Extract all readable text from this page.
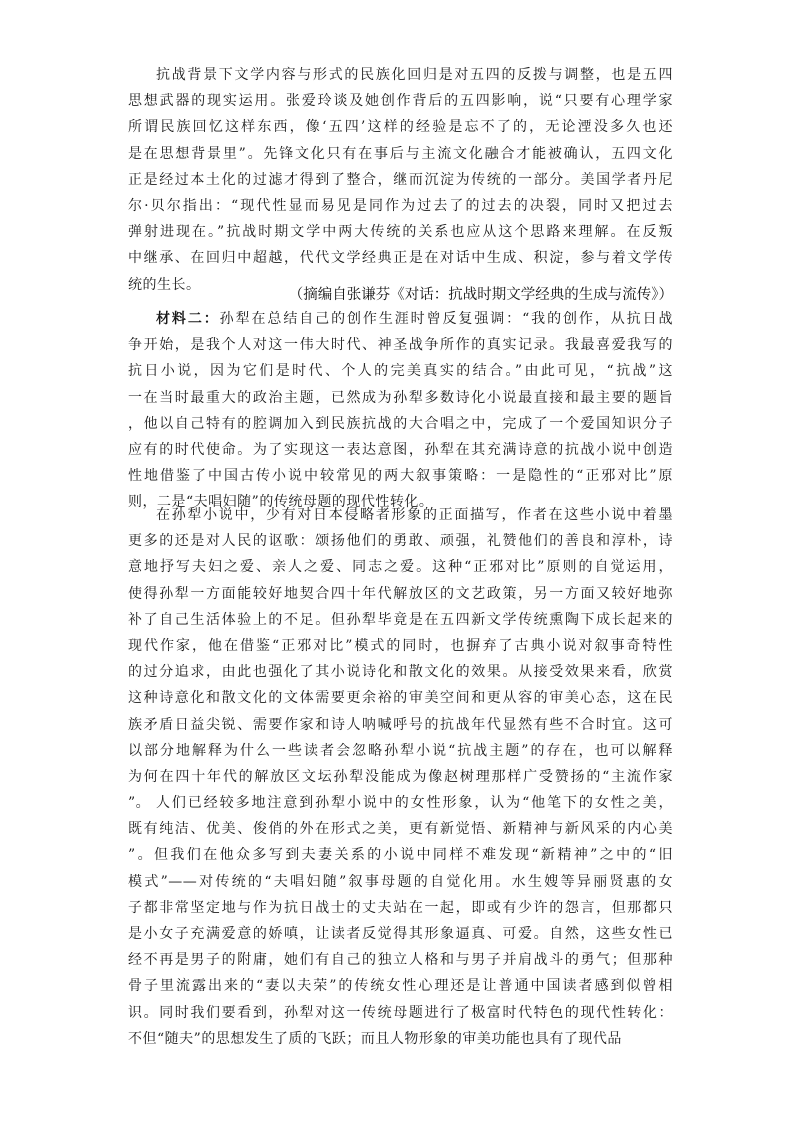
抗战背景下文学内容与形式的民族化回归是对五四的反拨与调整，也是五四
思想武器的现实运用。张爱玲谈及她创作背后的五四影响，说“只要有心理学家
所谓民族回忆这样东西，像‘五四’这样的经验是忘不了的，无论湮没多久也还
是在思想背景里”。先锋文化只有在事后与主流文化融合才能被确认，五四文化
正是经过本土化的过滤才得到了整合，继而沉淀为传统的一部分。美国学者丹尼
尔·贝尔指出：“现代性显而易见是同作为过去了的过去的决裂，同时又把过去
弹射进现在。”抗战时期文学中两大传统的关系也应从这个思路来理解。在反叛
中继承、在回归中超越，代代文学经典正是在对话中生成、积淀，参与着文学传
统的生长。
（摘编自张谦芬《对话：抗战时期文学经典的生成与流传》）
材料二：孙犁在总结自己的创作生涯时曾反复强调：“我的创作，从抗日战
争开始，是我个人对这一伟大时代、神圣战争所作的真实记录。我最喜爱我写的
抗日小说，因为它们是时代、个人的完美真实的结合。”由此可见，“抗战”这
一在当时最重大的政治主题，已然成为孙犁多数诗化小说最直接和最主要的题旨
，他以自己特有的腔调加入到民族抗战的大合唱之中，完成了一个爱国知识分子
应有的时代使命。为了实现这一表达意图，孙犁在其充满诗意的抗战小说中创造
性地借鉴了中国古传小说中较常见的两大叙事策略：一是隐性的“正邪对比”原
则，二是“夫唱妇随”的传统母题的现代性转化。
在孙犁小说中，少有对日本侵略者形象的正面描写，作者在这些小说中着墨
更多的还是对人民的讴歌：颂扬他们的勇敢、顽强，礼赞他们的善良和淳朴，诗
意地抒写夫妇之爱、亲人之爱、同志之爱。这种“正邪对比”原则的自觉运用，
使得孙犁一方面能较好地契合四十年代解放区的文艺政策，另一方面又较好地弥
补了自己生活体验上的不足。但孙犁毕竟是在五四新文学传统熏陶下成长起来的
现代作家，他在借鉴“正邪对比”模式的同时，也摒弃了古典小说对叙事奇特性
的过分追求，由此也强化了其小说诗化和散文化的效果。从接受效果来看，欣赏
这种诗意化和散文化的文体需要更余裕的审美空间和更从容的审美心态，这在民
族矛盾日益尖锐、需要作家和诗人呐喊呼号的抗战年代显然有些不合时宜。这可
以部分地解释为什么一些读者会忽略孙犁小说“抗战主题”的存在，也可以解释
为何在四十年代的解放区文坛孙犁没能成为像赵树理那样广受赞扬的“主流作家
”。 人们已经较多地注意到孙犁小说中的女性形象，认为“他笔下的女性之美，
既有纯洁、优美、俊俏的外在形式之美，更有新觉悟、新精神与新风采的内心美
”。但我们在他众多写到夫妻关系的小说中同样不难发现“新精神”之中的“旧
模式”——对传统的“夫唱妇随”叙事母题的自觉化用。水生嫂等异丽贤惠的女
子都非常坚定地与作为抗日战士的丈夫站在一起，即或有少许的怨言，但那都只
是小女子充满爱意的娇嗔，让读者反觉得其形象逼真、可爱。自然，这些女性已
经不再是男子的附庸，她们有自己的独立人格和与男子并肩战斗的勇气；但那种
骨子里流露出来的“妻以夫荣”的传统女性心理还是让普通中国读者感到似曾相
识。同时我们要看到，孙犁对这一传统母题进行了极富时代特色的现代性转化：
不但“随夫”的思想发生了质的飞跃；而且人物形象的审美功能也具有了现代品
